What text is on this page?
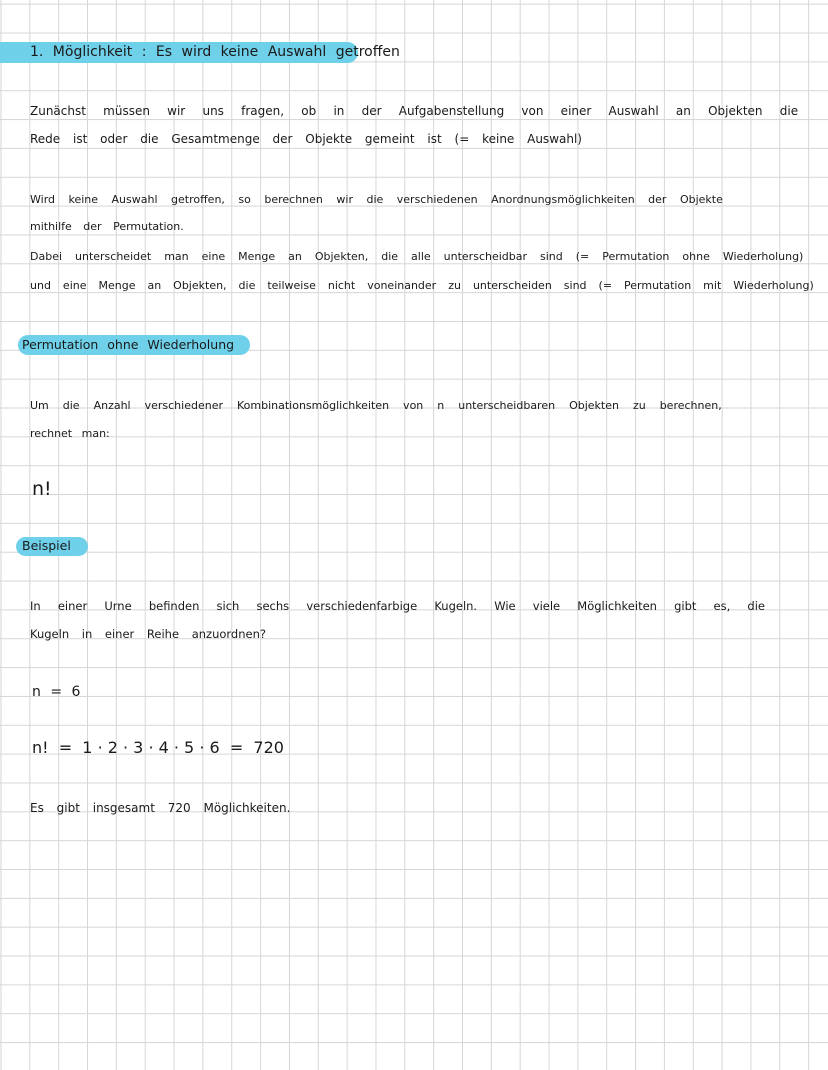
1. Möglichkeit : Es wird keine Auswahl getroffen
Zunächst müssen wir uns fragen, ob in der Aufgabenstellung von einer Auswahl an Objekten die
Rede ist oder die Gesamtmenge der Objekte gemeint ist (= keine Auswahl)
Wird keine Auswahl getroffen, so berechnen wir die verschiedenen Anordnungsmöglichkeiten der Objekte
mithilfe der Permutation.
Dabei unterscheidet man eine Menge an Objekten, die alle unterscheidbar sind (= Permutation ohne Wiederholung)
und eine Menge an Objekten, die teilweise nicht voneinander zu unterscheiden sind (= Permutation mit Wiederholung)
Permutation ohne Wiederholung
Um die Anzahl verschiedener Kombinationsmöglichkeiten von n unterscheidbaren Objekten zu berechnen,
rechnet man:
n!
Beispiel
In einer Urne befinden sich sechs verschiedenfarbige Kugeln. Wie viele Möglichkeiten gibt es, die
Kugeln in einer Reihe anzuordnen?
n = 6
n!  =  1 · 2 · 3 · 4 · 5 · 6  =  720
Es gibt insgesamt 720 Möglichkeiten.
